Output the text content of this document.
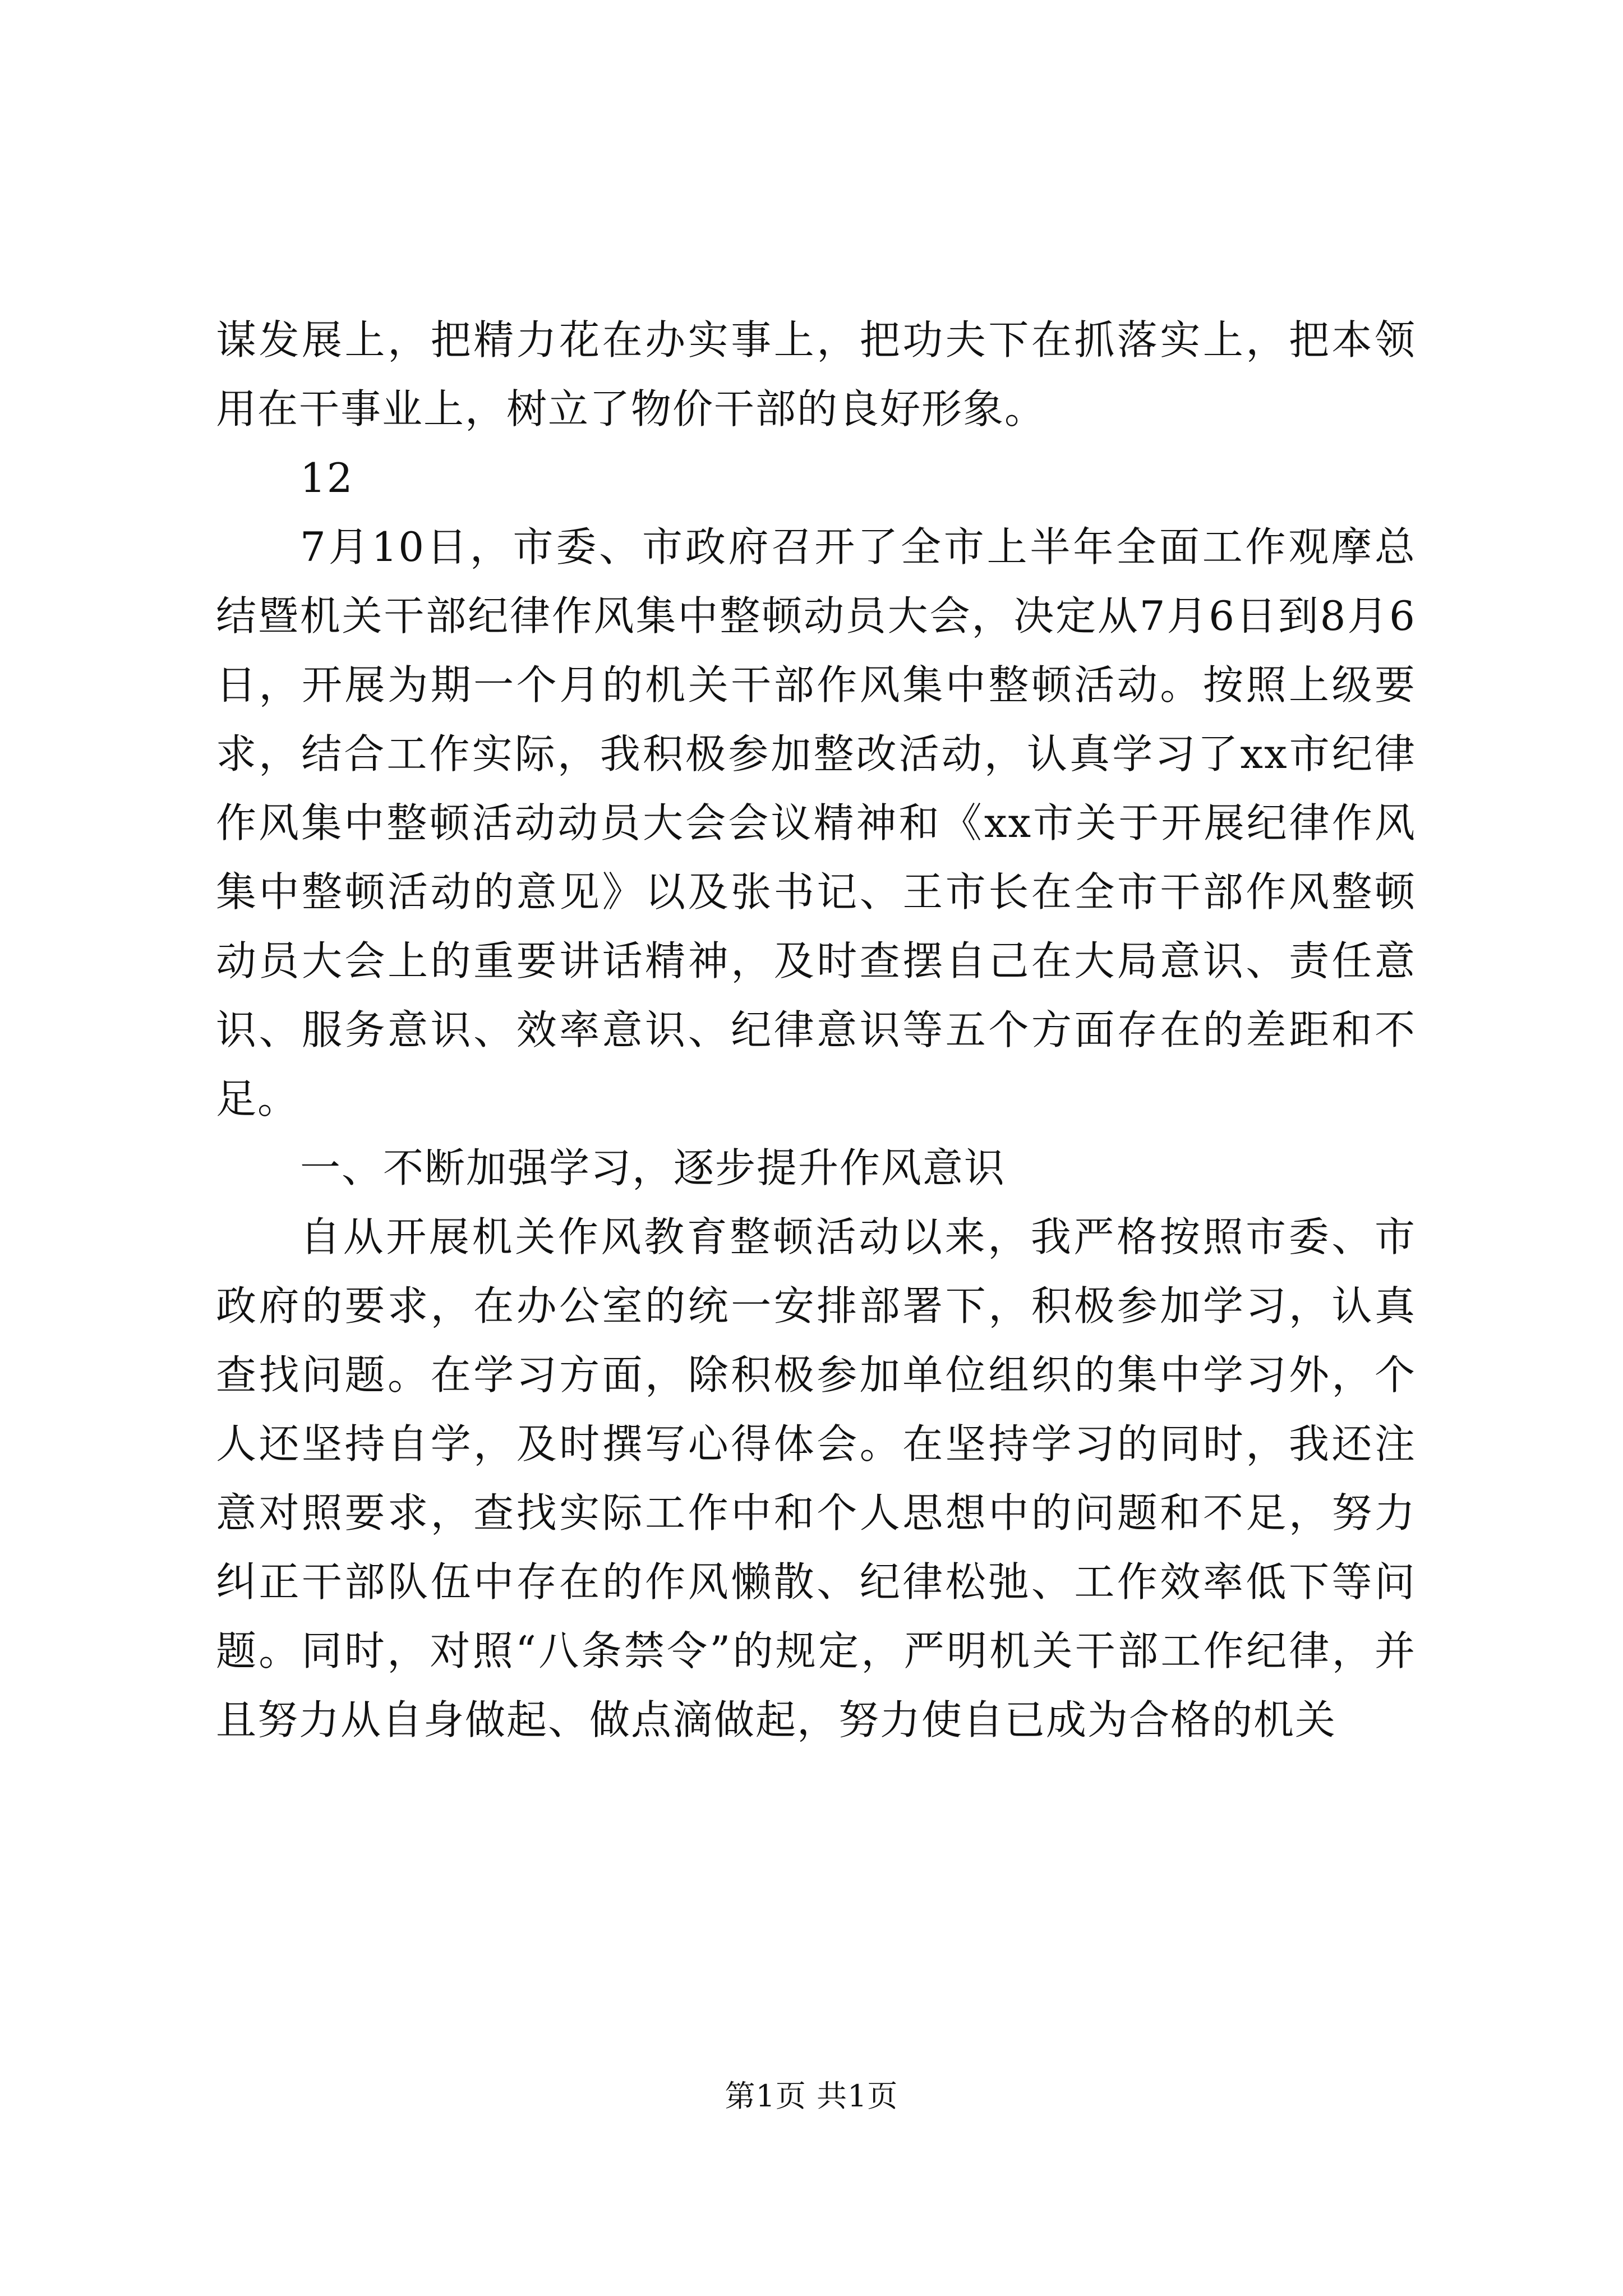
谋发展上，把精力花在办实事上，把功夫下在抓落实上，把本领用在干事业上，树立了物价干部的良好形象。

12

7月10日，市委、市政府召开了全市上半年全面工作观摩总结暨机关干部纪律作风集中整顿动员大会，决定从7月6日到8月6日，开展为期一个月的机关干部作风集中整顿活动。按照上级要求，结合工作实际，我积极参加整改活动，认真学习了xx市纪律作风集中整顿活动动员大会会议精神和《xx市关于开展纪律作风集中整顿活动的意见》以及张书记、王市长在全市干部作风整顿动员大会上的重要讲话精神，及时查摆自己在大局意识、责任意识、服务意识、效率意识、纪律意识等五个方面存在的差距和不足。

一、不断加强学习，逐步提升作风意识

自从开展机关作风教育整顿活动以来，我严格按照市委、市政府的要求，在办公室的统一安排部署下，积极参加学习，认真查找问题。在学习方面，除积极参加单位组织的集中学习外，个人还坚持自学，及时撰写心得体会。在坚持学习的同时，我还注意对照要求，查找实际工作中和个人思想中的问题和不足，努力纠正干部队伍中存在的作风懒散、纪律松弛、工作效率低下等问题。同时，对照“八条禁令”的规定，严明机关干部工作纪律，并且努力从自身做起、做点滴做起，努力使自已成为合格的机关

第1页 共1页
